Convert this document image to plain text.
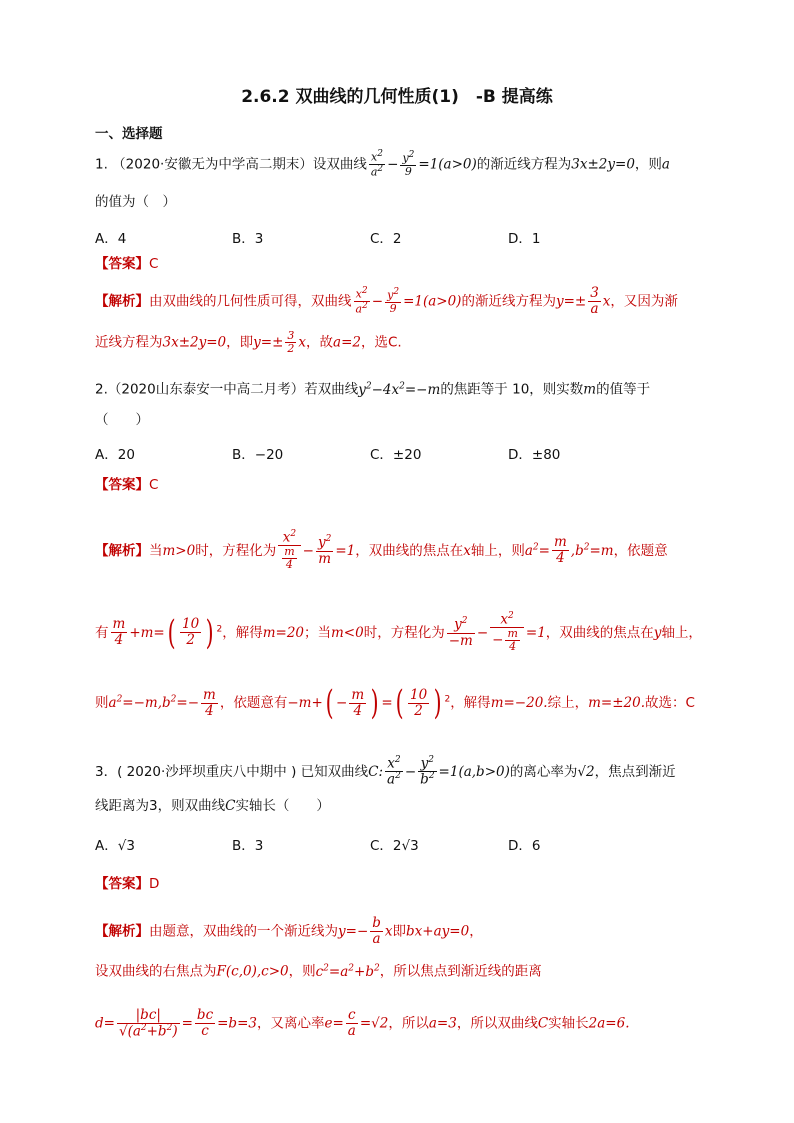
2.6.2 双曲线的几何性质(1)　-B 提高练
一、选择题
1. （2020·安徽无为中学高二期末）设双曲线 $\frac{x^2}{a^2} - \frac{y^2}{9} =1(a>0)$的渐近线方程为3x±2y=0，则a
的值为（　）
A．4	B．3	C．2	D．1
【答案】C
【解析】由双曲线的几何性质可得，双曲线 $\frac{x^2}{a^2} - \frac{y^2}{9} =1(a>0)$的渐近线方程为$y=\pm \frac{3}{a}$ x，又因为渐
近线方程为3x±2y=0，即$y=\pm \frac{3}{2}$ x，故a=2，选C.
2.（2020山东泰安一中高二月考）若双曲线$y^2-4x^2=-m$的焦距等于 10，则实数m的值等于
（　　）
A．20	B．−20	C．±20	D．±80
【答案】C
【解析】当m>0时，方程化为 $\frac{x^2}{\frac{m}{4}} - \frac{y^2}{m} =1$，双曲线的焦点在x轴上，则$a^2= \frac{m}{4} ,b^2=m$，依题意
有 $\frac{m}{4} +m=( \frac{10}{2}$ ) $^2$，解得m=20；当m<0时，方程化为 $\frac{y^2}{-m} - \frac{x^2}{- \frac{m}{4}} =1$，双曲线的焦点在y轴上，
则$a^2=-m,b^2=- \frac{m}{4}$ ，依题意有$-m+( - \frac{m}{4}$ ) =( $\frac{10}{2}$ ) $^2$，解得m=−20.综上，m=±20.故选：C
3．( 2020·沙坪坝重庆八中期中 ) 已知双曲线C: $\frac{x^2}{a^2} - \frac{y^2}{b^2} =1(a,b>0)$的离心率为√2，焦点到渐近
线距离为3，则双曲线C实轴长（　　）
A．√3	B．3	C．2√3	D．6
【答案】D
【解析】由题意，双曲线的一个渐近线为$y=- \frac{b}{a}$ x即bx+ay=0，
设双曲线的右焦点为F(c,0),c>0，则$c^2=a^2+b^2$，所以焦点到渐近线的距离
$d= \frac{|bc|}{√(a^2+b^2)} = \frac{bc}{c} =b=3$，又离心率$e= \frac{c}{a} =√2$，所以a=3，所以双曲线C实轴长2a=6.
